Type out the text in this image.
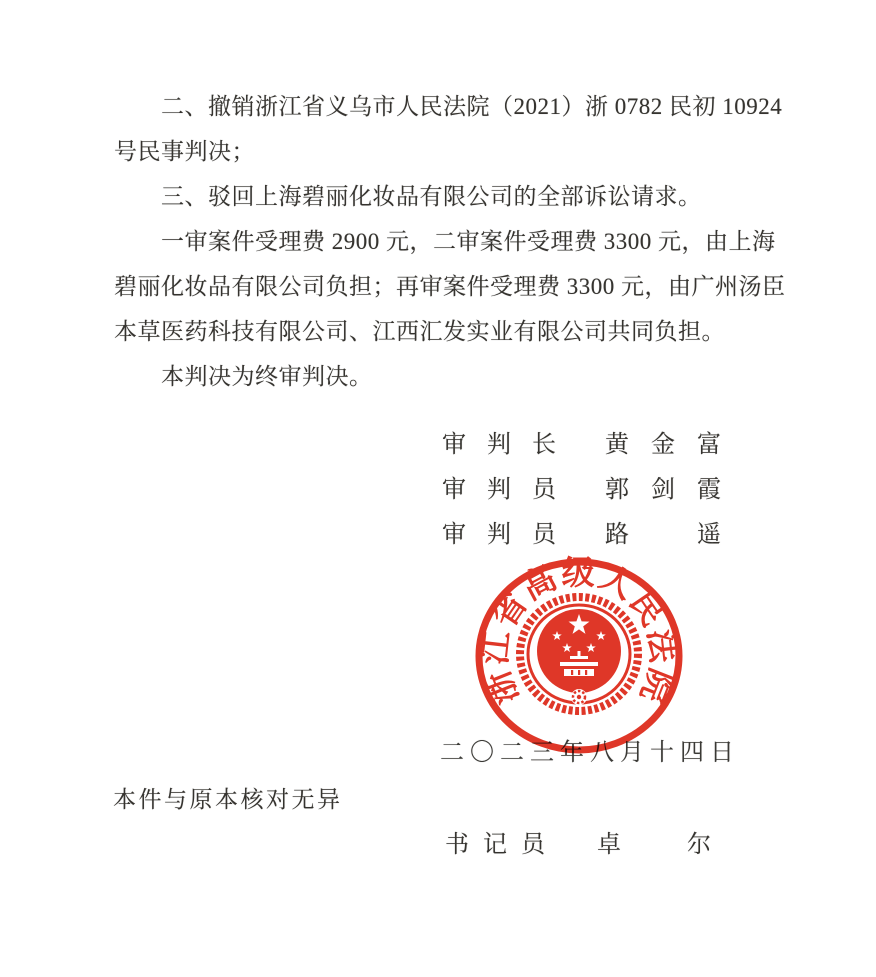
二、撤销浙江省义乌市人民法院（2021）浙 0782 民初 10924
号民事判决；
三、驳回上海碧丽化妆品有限公司的全部诉讼请求。
一审案件受理费 2900 元，二审案件受理费 3300 元，由上海
碧丽化妆品有限公司负担；再审案件受理费 3300 元，由广州汤臣
本草医药科技有限公司、江西汇发实业有限公司共同负担。
本判决为终审判决。
审判长 黄金富
审判员 郭剑霞
审判员 路　遥
二〇二三年八月十四日
本件与原本核对无异
书记员 卓　尔
浙江省高级人民法院
